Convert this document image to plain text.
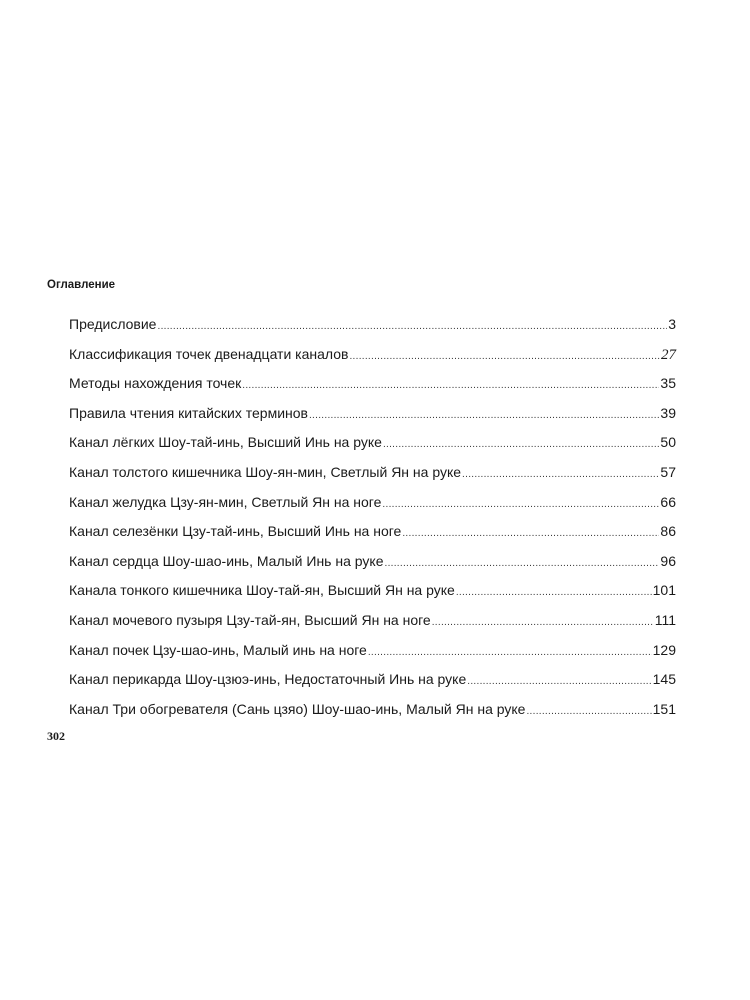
Оглавление
Предисловие .....	3
Классификация точек двенадцати каналов .....	27
Методы нахождения точек .....	35
Правила чтения китайских терминов .....	39
Канал лёгких Шоу-тай-инь, Высший Инь на руке .....	50
Канал толстого кишечника Шоу-ян-мин, Светлый Ян на руке .....	57
Канал желудка Цзу-ян-мин, Светлый Ян на ноге .....	66
Канал селезёнки Цзу-тай-инь, Высший Инь на ноге .....	86
Канал сердца Шоу-шао-инь, Малый Инь на руке .....	96
Канала тонкого кишечника Шоу-тай-ян, Высший Ян на руке .....	101
Канал мочевого пузыря Цзу-тай-ян, Высший Ян на ноге .....	111
Канал почек Цзу-шао-инь, Малый инь на ноге .....	129
Канал перикарда Шоу-цзюэ-инь, Недостаточный Инь на руке .....	145
Канал Три обогревателя (Сань цзяо) Шоу-шао-инь, Малый Ян на руке .....	151
302
